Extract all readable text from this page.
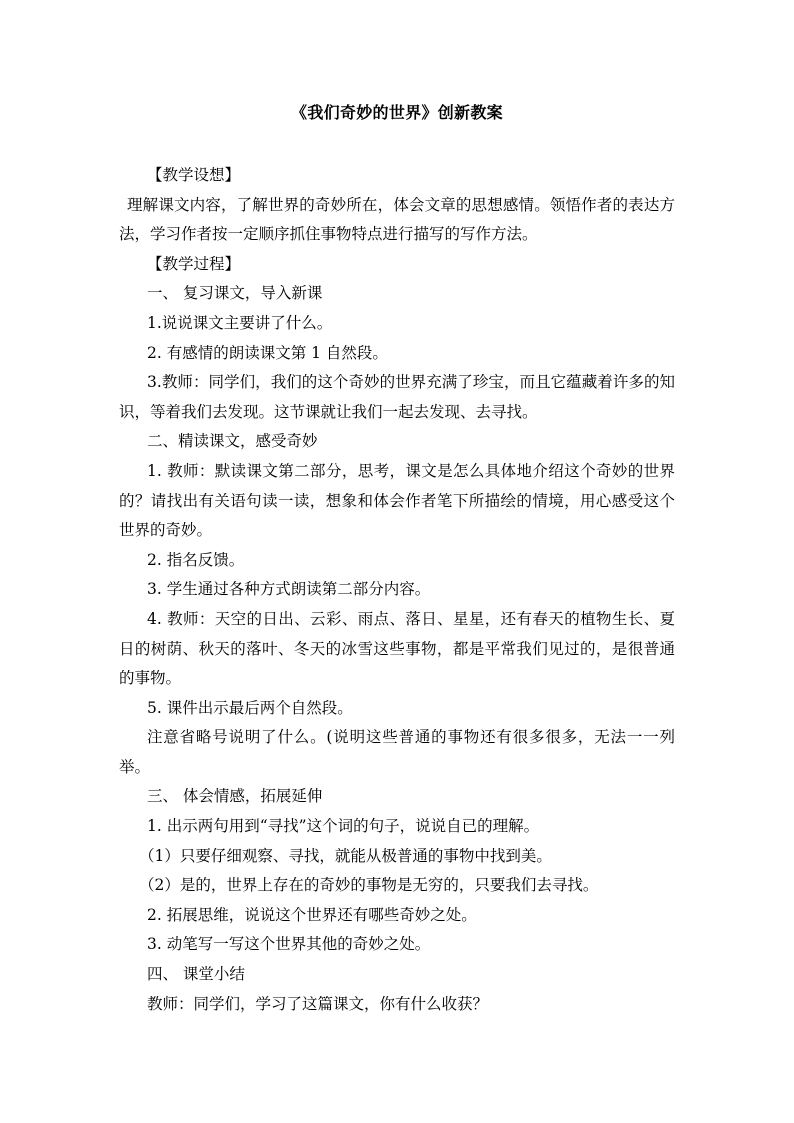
《我们奇妙的世界》创新教案

【教学设想】

理解课文内容，了解世界的奇妙所在，体会文章的思想感情。领悟作者的表达方法，学习作者按一定顺序抓住事物特点进行描写的写作方法。

【教学过程】

一、 复习课文，导入新课

1.说说课文主要讲了什么。

2. 有感情的朗读课文第 1 自然段。

3.教师：同学们，我们的这个奇妙的世界充满了珍宝，而且它蕴藏着许多的知识，等着我们去发现。这节课就让我们一起去发现、去寻找。

二、精读课文，感受奇妙

1. 教师：默读课文第二部分，思考，课文是怎么具体地介绍这个奇妙的世界的？请找出有关语句读一读，想象和体会作者笔下所描绘的情境，用心感受这个世界的奇妙。

2. 指名反馈。

3. 学生通过各种方式朗读第二部分内容。

4. 教师：天空的日出、云彩、雨点、落日、星星，还有春天的植物生长、夏日的树荫、秋天的落叶、冬天的冰雪这些事物，都是平常我们见过的，是很普通的事物。

5. 课件出示最后两个自然段。

注意省略号说明了什么。(说明这些普通的事物还有很多很多，无法一一列举。

三、 体会情感，拓展延伸

1. 出示两句用到“寻找”这个词的句子，说说自已的理解。

（1）只要仔细观察、寻找，就能从极普通的事物中找到美。

（2）是的，世界上存在的奇妙的事物是无穷的，只要我们去寻找。

2. 拓展思维，说说这个世界还有哪些奇妙之处。

3. 动笔写一写这个世界其他的奇妙之处。

四、 课堂小结

教师：同学们，学习了这篇课文，你有什么收获？
